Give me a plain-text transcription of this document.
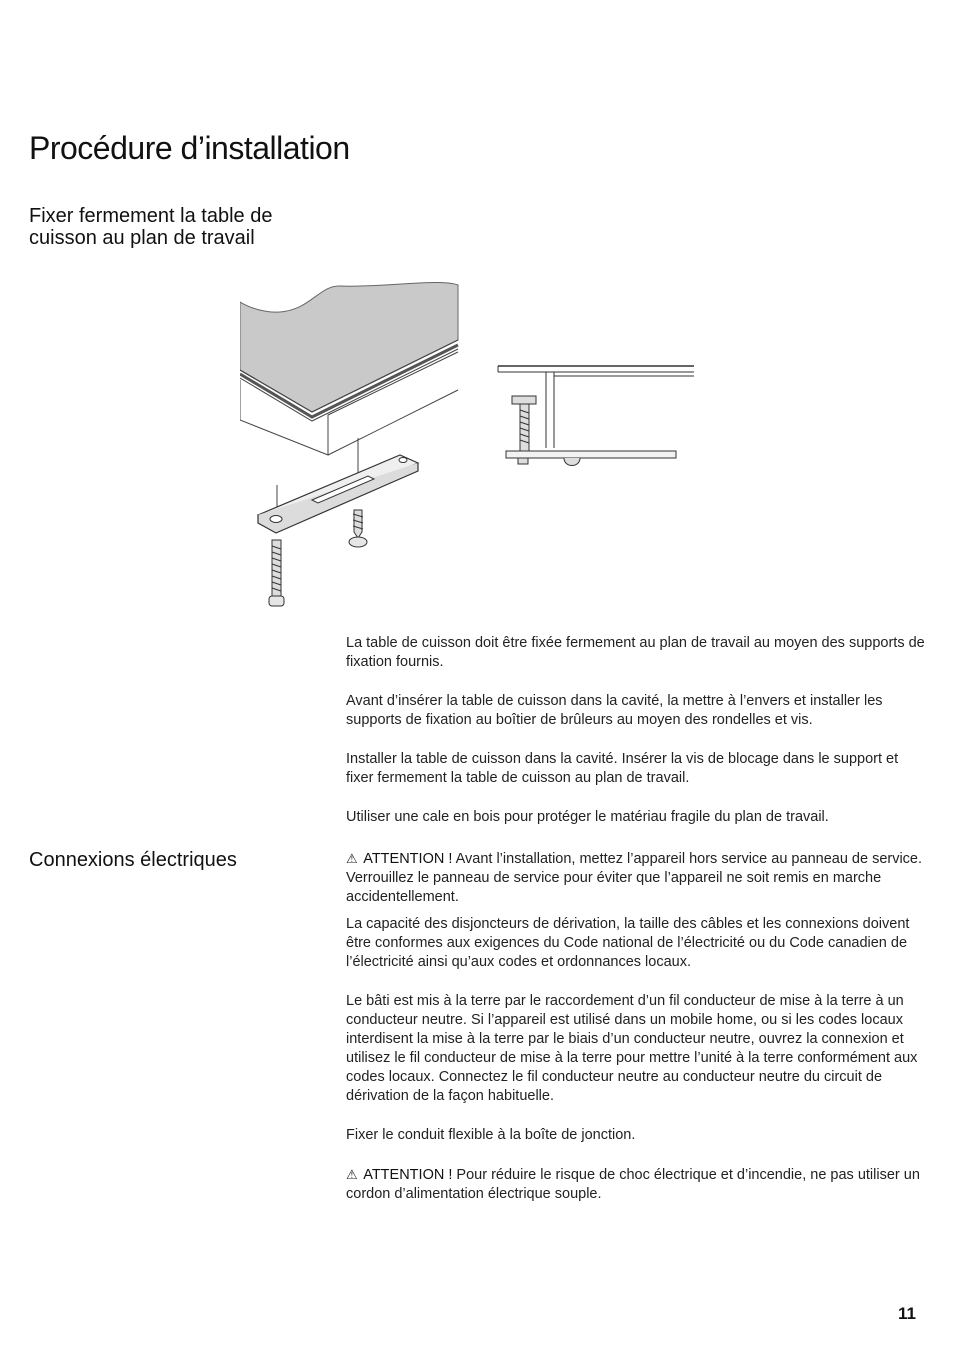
Procédure d’installation
Fixer fermement la table de cuisson au plan de travail

La table de cuisson doit être fixée fermement au plan de travail au moyen des supports de fixation fournis.

Avant d’insérer la table de cuisson dans la cavité, la mettre à l’envers et installer les supports de fixation au boîtier de brûleurs au moyen des rondelles et vis.

Installer la table de cuisson dans la cavité. Insérer la vis de blocage dans le support et fixer fermement la table de cuisson au plan de travail.

Utiliser une cale en bois pour protéger le matériau fragile du plan de travail.

Connexions électriques	⚠ ATTENTION ! Avant l’installation, mettez l’appareil hors service au panneau de service. Verrouillez le panneau de service pour éviter que l’appareil ne soit remis en marche accidentellement.

La capacité des disjoncteurs de dérivation, la taille des câbles et les connexions doivent être conformes aux exigences du Code national de l’électricité ou du Code canadien de l’électricité ainsi qu’aux codes et ordonnances locaux.

Le bâti est mis à la terre par le raccordement d’un fil conducteur de mise à la terre à un conducteur neutre. Si l’appareil est utilisé dans un mobile home, ou si les codes locaux interdisent la mise à la terre par le biais d’un conducteur neutre, ouvrez la connexion et utilisez le fil conducteur de mise à la terre pour mettre l’unité à la terre conformément aux codes locaux. Connectez le fil conducteur neutre au conducteur neutre du circuit de dérivation de la façon habituelle.

Fixer le conduit flexible à la boîte de jonction.

⚠ ATTENTION ! Pour réduire le risque de choc électrique et d’incendie, ne pas utiliser un cordon d’alimentation électrique souple.

11
